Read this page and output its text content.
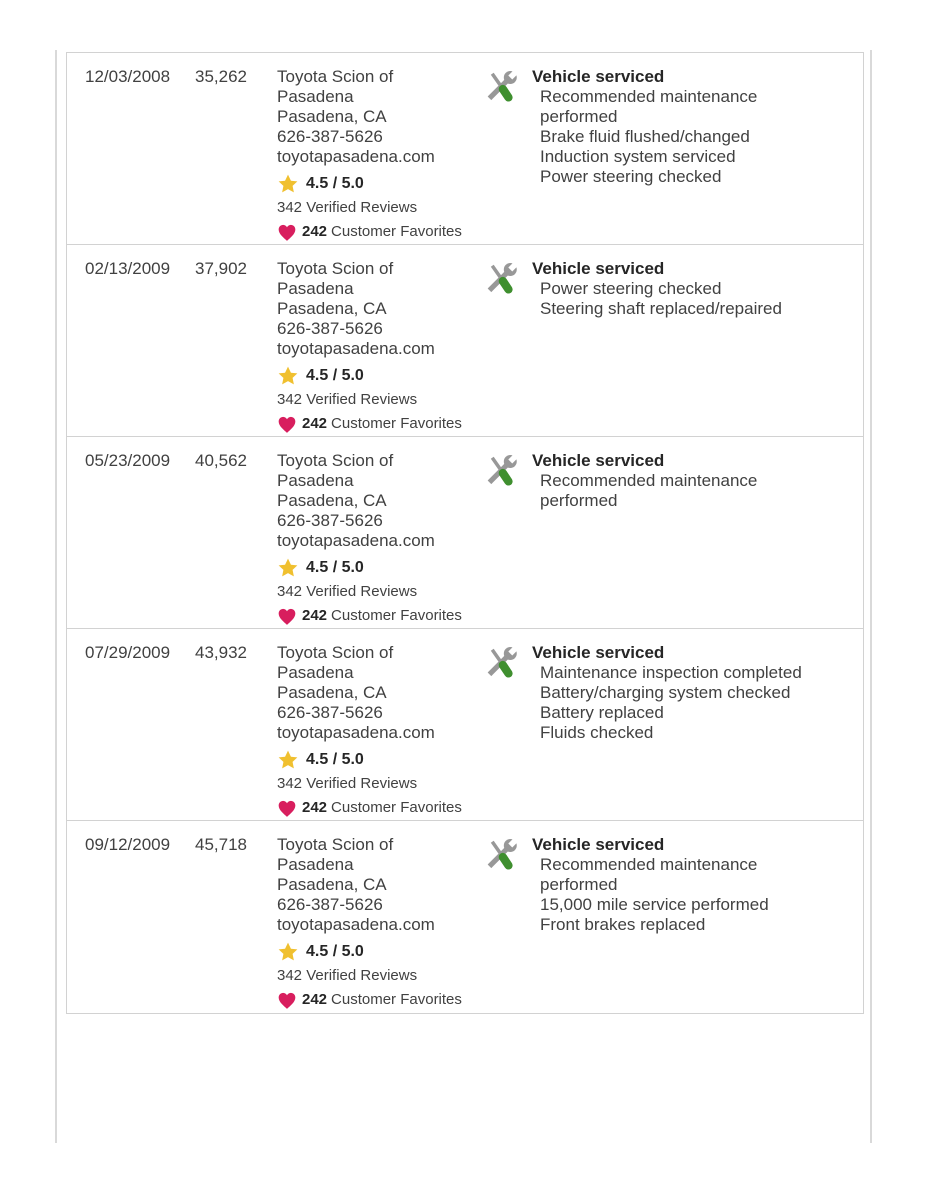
12/03/2008	35,262	Toyota Scion of Pasadena
Pasadena, CA
626-387-5626
toyotapasadena.com
4.5 / 5.0
342 Verified Reviews
242 Customer Favorites
Vehicle serviced
Recommended maintenance performed
Brake fluid flushed/changed
Induction system serviced
Power steering checked
02/13/2009	37,902	Toyota Scion of Pasadena
Pasadena, CA
626-387-5626
toyotapasadena.com
4.5 / 5.0
342 Verified Reviews
242 Customer Favorites
Vehicle serviced
Power steering checked
Steering shaft replaced/repaired
05/23/2009	40,562	Toyota Scion of Pasadena
Pasadena, CA
626-387-5626
toyotapasadena.com
4.5 / 5.0
342 Verified Reviews
242 Customer Favorites
Vehicle serviced
Recommended maintenance performed
07/29/2009	43,932	Toyota Scion of Pasadena
Pasadena, CA
626-387-5626
toyotapasadena.com
4.5 / 5.0
342 Verified Reviews
242 Customer Favorites
Vehicle serviced
Maintenance inspection completed
Battery/charging system checked
Battery replaced
Fluids checked
09/12/2009	45,718	Toyota Scion of Pasadena
Pasadena, CA
626-387-5626
toyotapasadena.com
4.5 / 5.0
342 Verified Reviews
242 Customer Favorites
Vehicle serviced
Recommended maintenance performed
15,000 mile service performed
Front brakes replaced
